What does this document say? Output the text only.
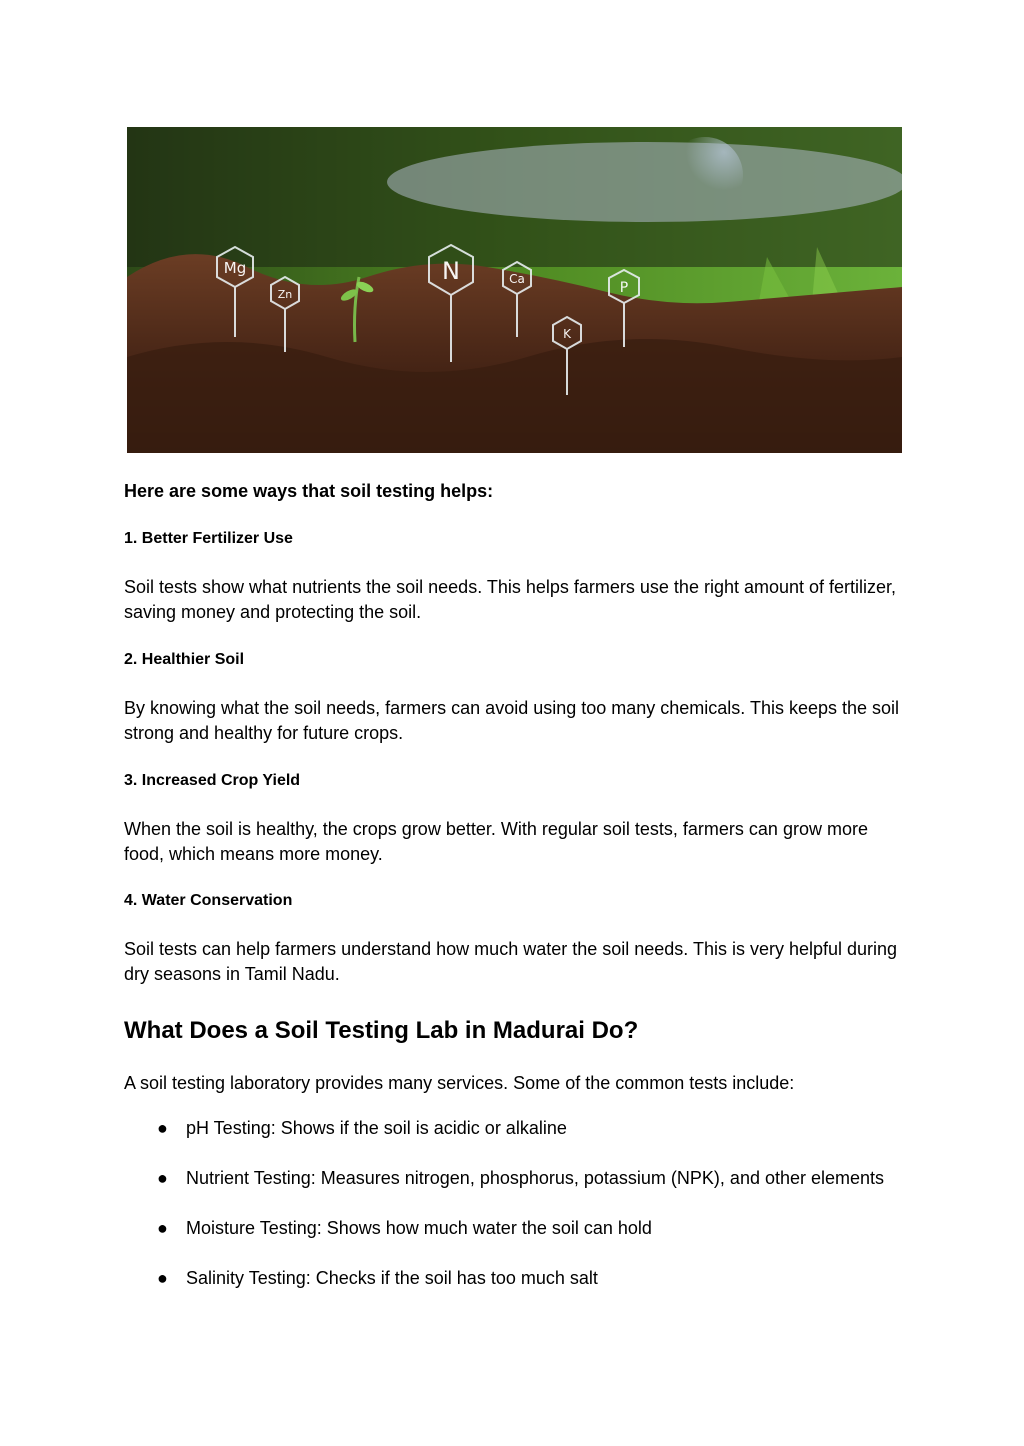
Mg
Zn
N	Ca
K
P

Here are some ways that soil testing helps:

1. Better Fertilizer Use

Soil tests show what nutrients the soil needs. This helps farmers use the right amount of fertilizer, saving money and protecting the soil.

2. Healthier Soil

By knowing what the soil needs, farmers can avoid using too many chemicals. This keeps the soil strong and healthy for future crops.

3. Increased Crop Yield

When the soil is healthy, the crops grow better. With regular soil tests, farmers can grow more food, which means more money.

4. Water Conservation

Soil tests can help farmers understand how much water the soil needs. This is very helpful during dry seasons in Tamil Nadu.

What Does a Soil Testing Lab in Madurai Do?

A soil testing laboratory provides many services. Some of the common tests include:

● pH Testing: Shows if the soil is acidic or alkaline
● Nutrient Testing: Measures nitrogen, phosphorus, potassium (NPK), and other elements
● Moisture Testing: Shows how much water the soil can hold
● Salinity Testing: Checks if the soil has too much salt
